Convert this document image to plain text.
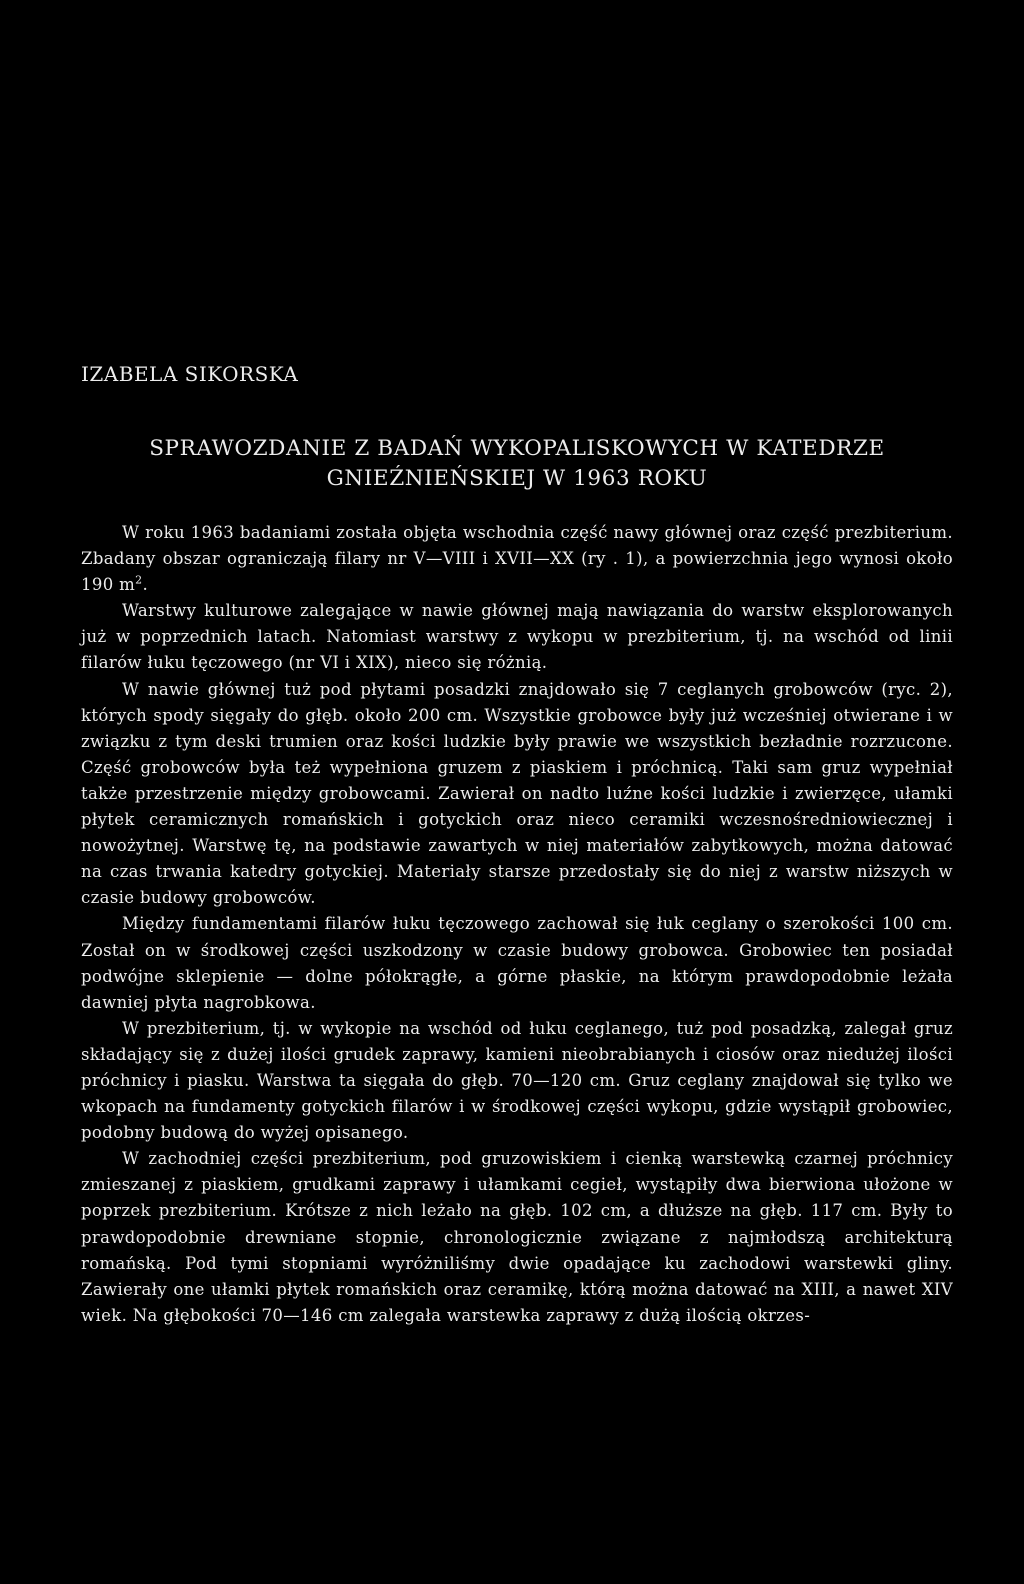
IZABELA SIKORSKA
SPRAWOZDANIE Z BADAŃ WYKOPALISKOWYCH W KATEDRZE
GNIEŹNIEŃSKIEJ W 1963 ROKU

W roku 1963 badaniami została objęta wschodnia część nawy głównej oraz część prezbiterium. Zbadany obszar ograniczają filary nr V—VIII i XVII—XX (ry . 1), a powierzchnia jego wynosi około 190 $m^2$.

Warstwy kulturowe zalegające w nawie głównej mają nawiązania do warstw eksplorowanych już w poprzednich latach. Natomiast warstwy z wykopu w prezbiterium, tj. na wschód od linii filarów łuku tęczowego (nr VI i XIX), nieco się różnią.

W nawie głównej tuż pod płytami posadzki znajdowało się 7 ceglanych grobowców (ryc. 2), których spody sięgały do głęb. około 200 cm. Wszystkie grobowce były już wcześniej otwierane i w związku z tym deski trumien oraz kości ludzkie były prawie we wszystkich bezładnie rozrzucone. Część grobowców była też wypełniona gruzem z piaskiem i próchnicą. Taki sam gruz wypełniał także przestrzenie między grobowcami. Zawierał on nadto luźne kości ludzkie i zwierzęce, ułamki płytek ceramicznych romańskich i gotyckich oraz nieco ceramiki wczesnośredniowiecznej i nowożytnej. Warstwę tę, na podstawie zawartych w niej materiałów zabytkowych, można datować na czas trwania katedry gotyckiej. Materiały starsze przedostały się do niej z warstw niższych w czasie budowy grobowców.

Między fundamentami filarów łuku tęczowego zachował się łuk ceglany o szerokości 100 cm. Został on w środkowej części uszkodzony w czasie budowy grobowca. Grobowiec ten posiadał podwójne sklepienie — dolne półokrągłe, a górne płaskie, na którym prawdopodobnie leżała dawniej płyta nagrobkowa.

W prezbiterium, tj. w wykopie na wschód od łuku ceglanego, tuż pod posadzką, zalegał gruz składający się z dużej ilości grudek zaprawy, kamieni nieobrabianych i ciosów oraz niedużej ilości próchnicy i piasku. Warstwa ta sięgała do głęb. 70—120 cm. Gruz ceglany znajdował się tylko we wkopach na fundamenty gotyckich filarów i w środkowej części wykopu, gdzie wystąpił grobowiec, podobny budową do wyżej opisanego.

W zachodniej części prezbiterium, pod gruzowiskiem i cienką warstewką czarnej próchnicy zmieszanej z piaskiem, grudkami zaprawy i ułamkami cegieł, wystąpiły dwa bierwiona ułożone w poprzek prezbiterium. Krótsze z nich leżało na głęb. 102 cm, a dłuższe na głęb. 117 cm. Były to prawdopodobnie drewniane stopnie, chronologicznie związane z najmłodszą architekturą romańską. Pod tymi stopniami wyróżniliśmy dwie opadające ku zachodowi warstewki gliny. Zawierały one ułamki płytek romańskich oraz ceramikę, którą można datować na XIII, a nawet XIV wiek. Na głębokości 70—146 cm zalegała warstewka zaprawy z dużą ilością okrzes-
